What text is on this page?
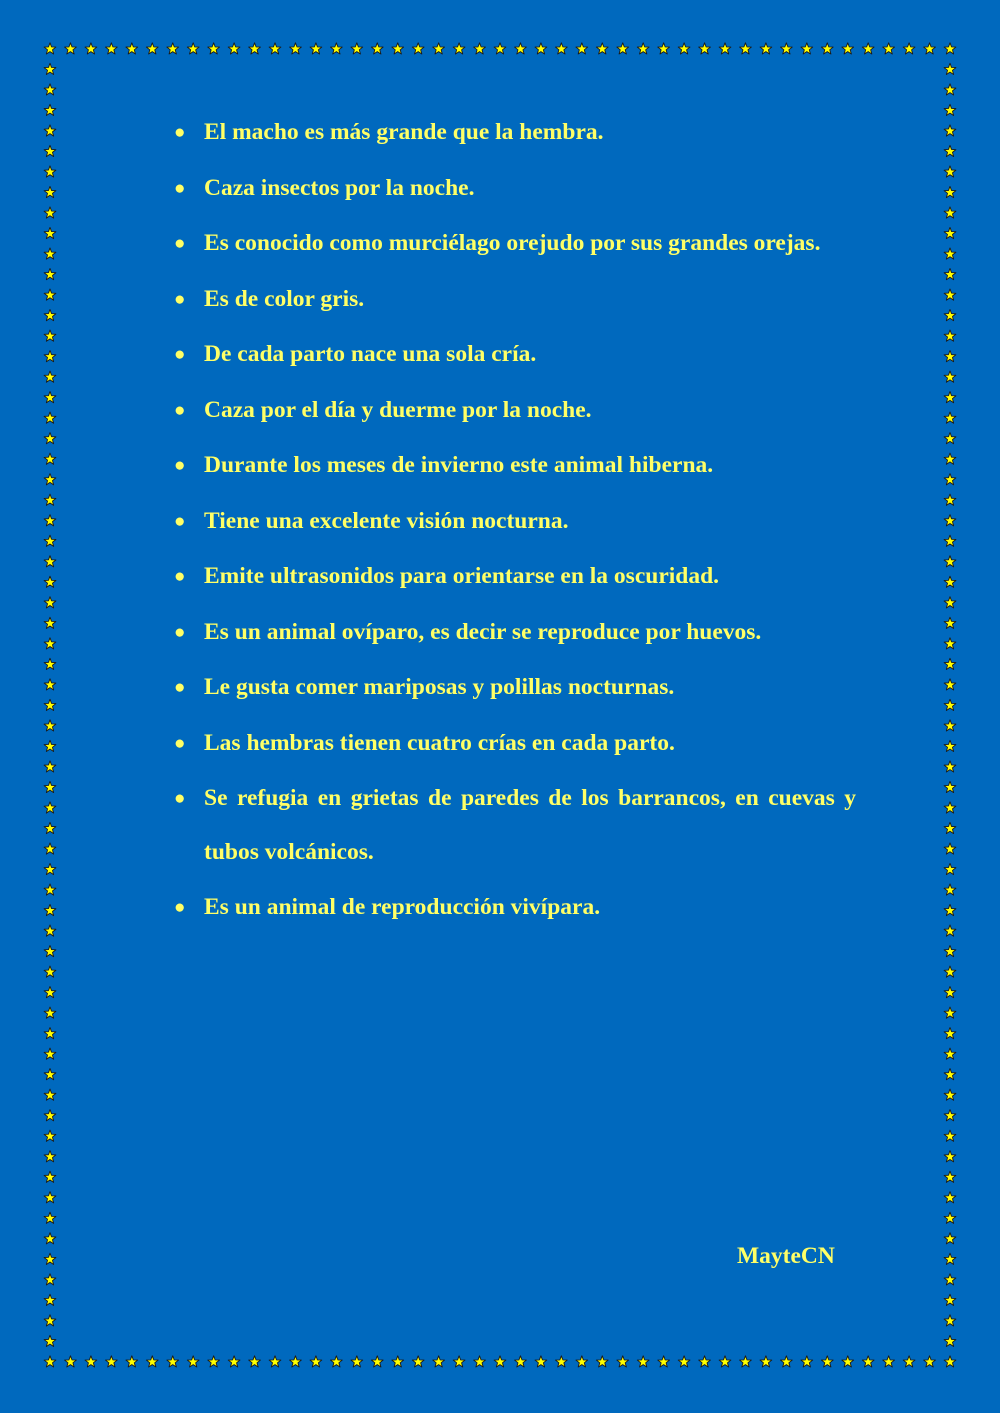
● El macho es más grande que la hembra.
● Caza insectos por la noche.
● Es conocido como murciélago orejudo por sus grandes orejas.
● Es de color gris.
● De cada parto nace una sola cría.
● Caza por el día y duerme por la noche.
● Durante los meses de invierno este animal hiberna.
● Tiene una excelente visión nocturna.
● Emite ultrasonidos para orientarse en la oscuridad.
● Es un animal ovíparo, es decir se reproduce por huevos.
● Le gusta comer mariposas y polillas nocturnas.
● Las hembras tienen cuatro crías en cada parto.
● Se refugia en grietas de paredes de los barrancos, en cuevas y tubos volcánicos.
● Es un animal de reproducción vivípara.
MayteCN
